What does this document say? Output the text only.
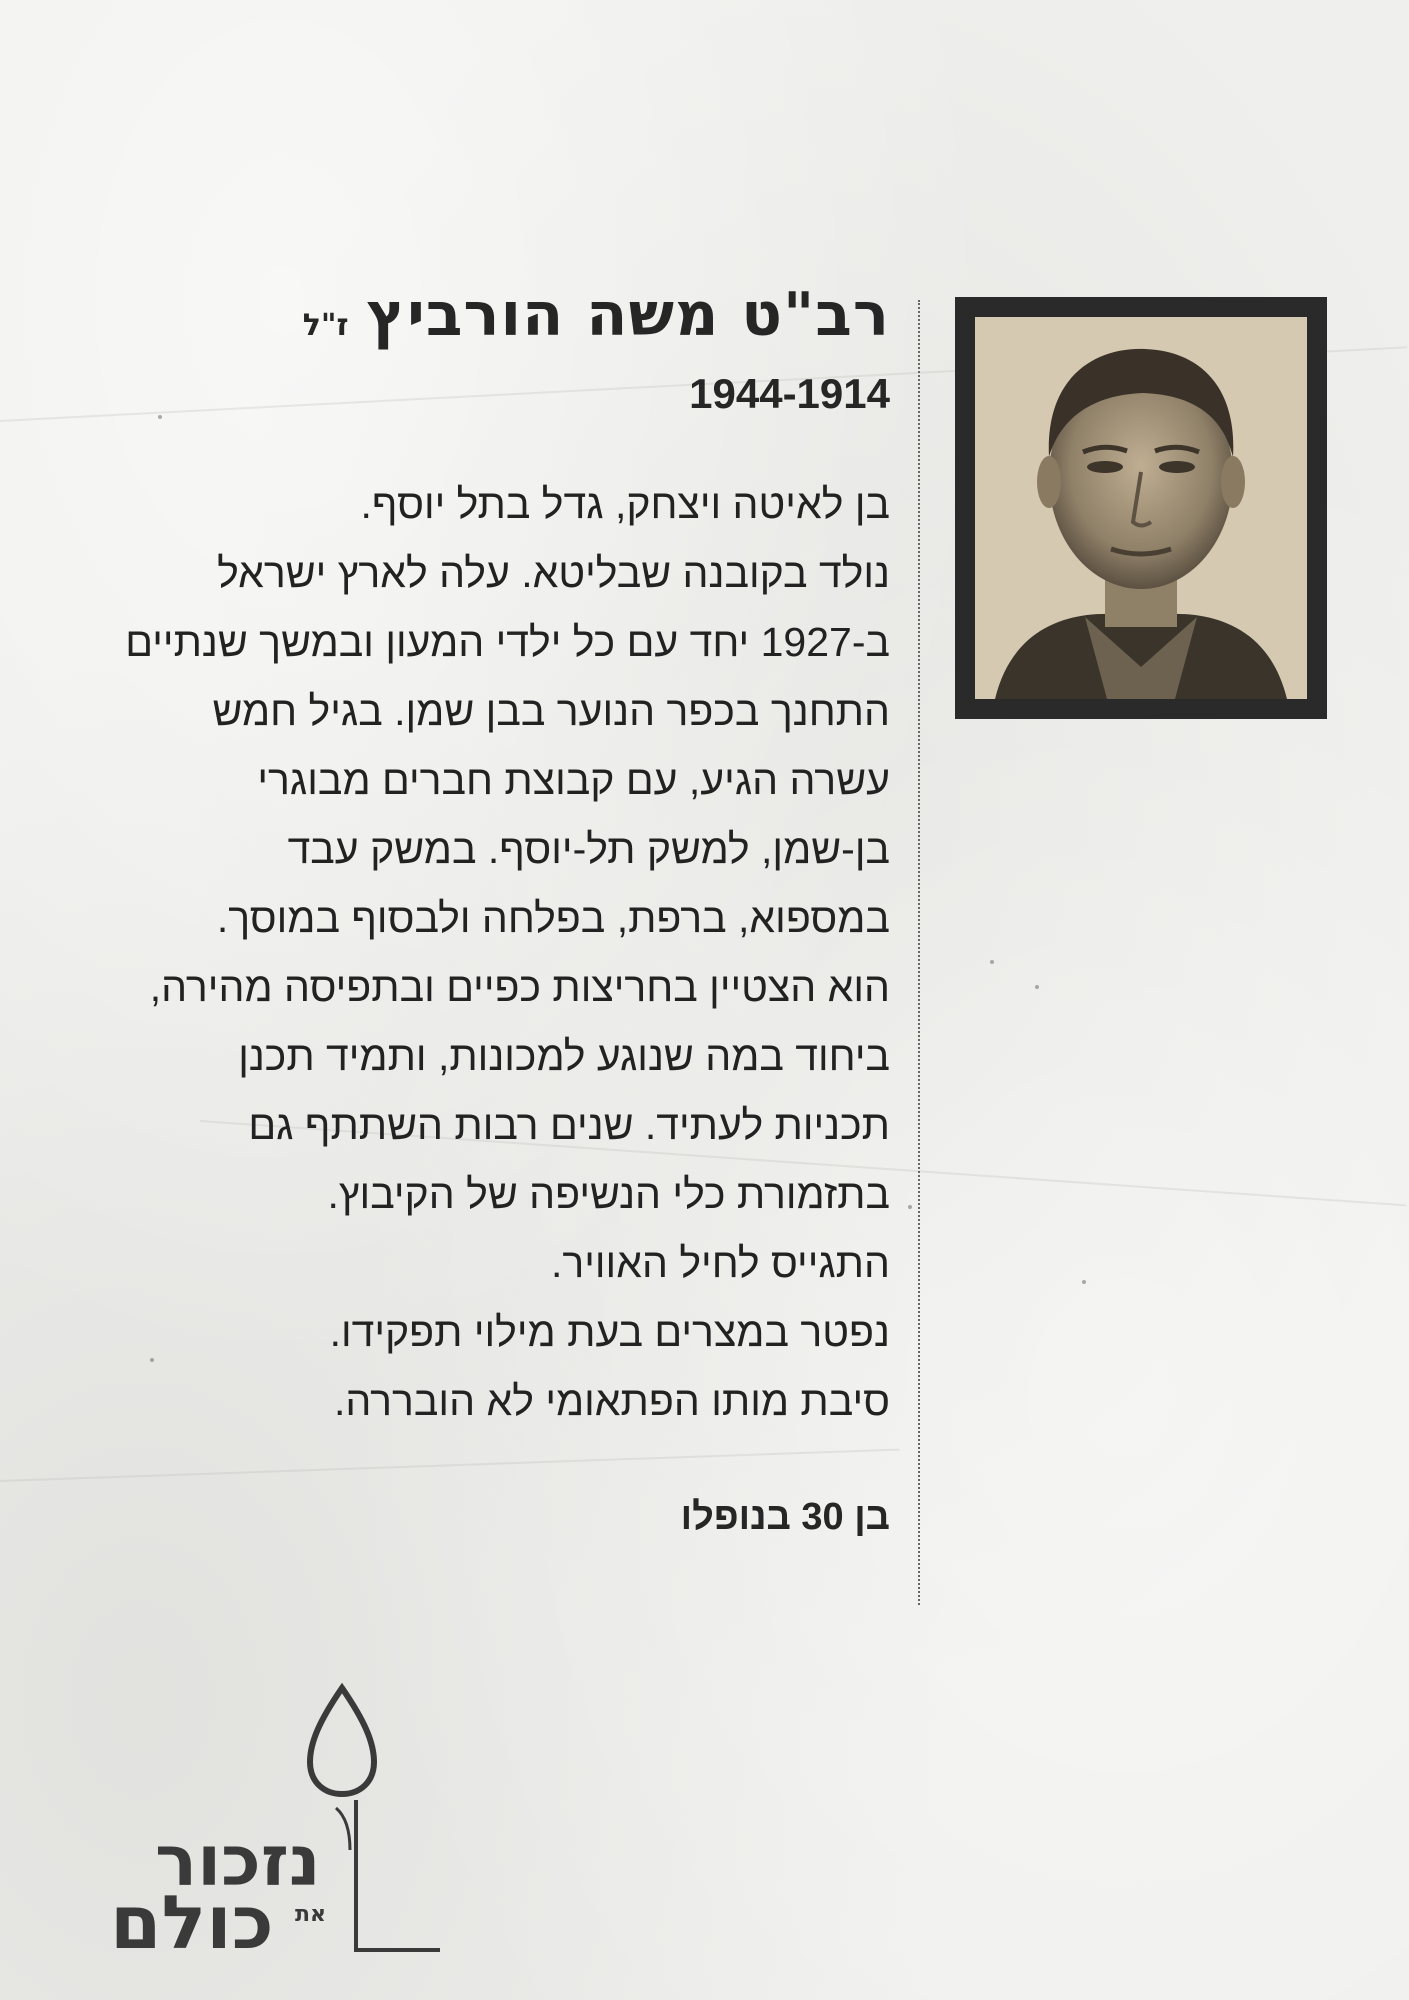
רב"ט משה הורביץ
ז"ל
1944-1914
בן לאיטה ויצחק, גדל בתל יוסף.
נולד בקובנה שבליטא. עלה לארץ ישראל
ב-1927 יחד עם כל ילדי המעון ובמשך שנתיים
התחנך בכפר הנוער בבן שמן. בגיל חמש
עשרה הגיע, עם קבוצת חברים מבוגרי
בן-שמן, למשק תל-יוסף. במשק עבד
במספוא, ברפת, בפלחה ולבסוף במוסך.
הוא הצטיין בחריצות כפיים ובתפיסה מהירה,
ביחוד במה שנוגע למכונות, ותמיד תכנן
תכניות לעתיד. שנים רבות השתתף גם
בתזמורת כלי הנשיפה של הקיבוץ.
התגייס לחיל האוויר.
נפטר במצרים בעת מילוי תפקידו.
סיבת מותו הפתאומי לא הובררה.
בן 30 בנופלו
נזכור
את
כולם
